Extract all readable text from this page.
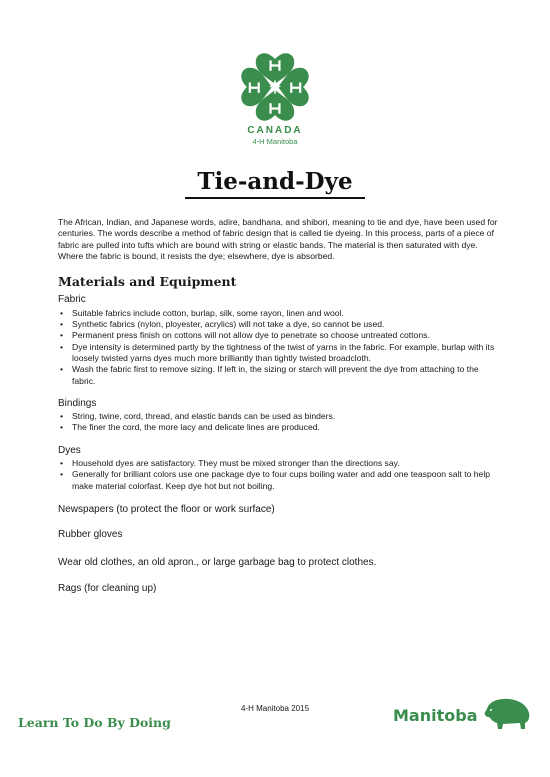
CANADA
4-H Manitoba
Tie-and-Dye

The African, Indian, and Japanese words, adire, bandhana, and shibori, meaning to tie and dye, have been used for centuries. The words describe a method of fabric design that is called tie dyeing. In this process, parts of a piece of fabric are pulled into tufts which are bound with string or elastic bands. The material is then saturated with dye. Where the fabric is bound, it resists the dye; elsewhere, dye is absorbed.

Materials and Equipment
Fabric
• Suitable fabrics include cotton, burlap, silk, some rayon, linen and wool.
• Synthetic fabrics (nylon, ployester, acrylics) will not take a dye, so cannot be used.
• Permanent press finish on cottons will not allow dye to penetrate so choose untreated cottons.
• Dye intensity is determined partly by the tightness of the twist of yarns in the fabric. For example, burlap with its loosely twisted yarns dyes much more brilliantly than tightly twisted broadcloth.
• Wash the fabric first to remove sizing. If left in, the sizing or starch will prevent the dye from attaching to the fabric.
Bindings
• String, twine, cord, thread, and elastic bands can be used as binders.
• The finer the cord, the more lacy and delicate lines are produced.
Dyes
• Household dyes are satisfactory. They must be mixed stronger than the directions say.
• Generally for brilliant colors use one package dye to four cups boiling water and add one teaspoon salt to help make material colorfast. Keep dye hot but not boiling.
Newspapers (to protect the floor or work surface)
Rubber gloves
Wear old clothes, an old apron., or large garbage bag to protect clothes.
Rags (for cleaning up)
4-H Manitoba 2015
Learn To Do By Doing	Manitoba
